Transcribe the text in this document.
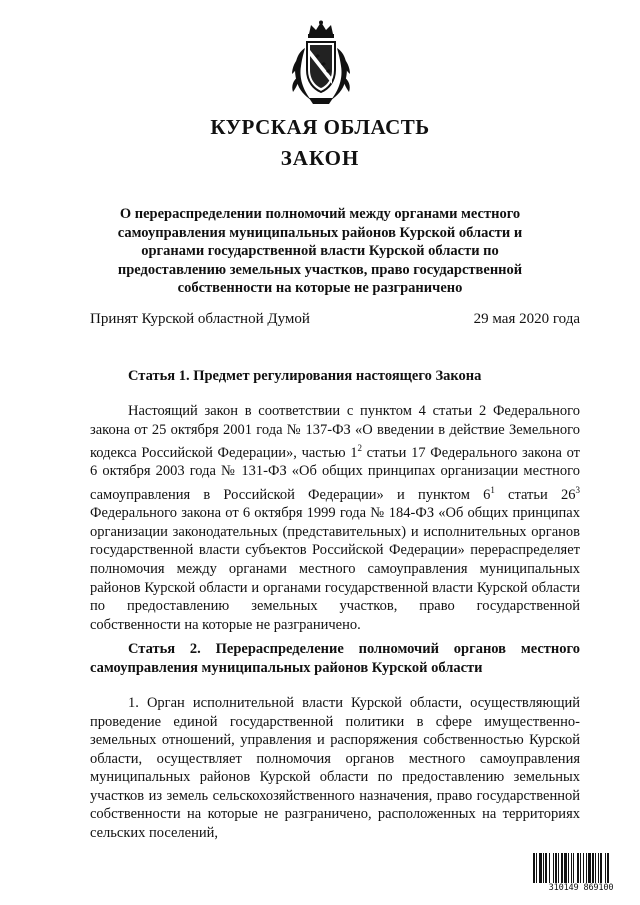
КУРСКАЯ ОБЛАСТЬ
ЗАКОН
О перераспределении полномочий между органами местного самоуправления муниципальных районов Курской области и органами государственной власти Курской области по предоставлению земельных участков, право государственной собственности на которые не разграничено
Принят Курской областной Думой	29 мая 2020 года
Статья 1. Предмет регулирования настоящего Закона
Настоящий закон в соответствии с пунктом 4 статьи 2 Федерального закона от 25 октября 2001 года № 137-ФЗ «О введении в действие Земельного кодекса Российской Федерации», частью $1^2$ статьи 17 Федерального закона от 6 октября 2003 года № 131-ФЗ «Об общих принципах организации местного самоуправления в Российской Федерации» и пунктом $6^1$ статьи $26^3$ Федерального закона от 6 октября 1999 года № 184-ФЗ «Об общих принципах организации законодательных (представительных) и исполнительных органов государственной власти субъектов Российской Федерации» перераспределяет полномочия между органами местного самоуправления муниципальных районов Курской области и органами государственной власти Курской области по предоставлению земельных участков, право государственной собственности на которые не разграничено.
Статья 2. Перераспределение полномочий органов местного самоуправления муниципальных районов Курской области
1. Орган исполнительной власти Курской области, осуществляющий проведение единой государственной политики в сфере имущественно-земельных отношений, управления и распоряжения собственностью Курской области, осуществляет полномочия органов местного самоуправления муниципальных районов Курской области по предоставлению земельных участков из земель сельскохозяйственного назначения, право государственной собственности на которые не разграничено, расположенных на территориях сельских поселений,
310149 869100
